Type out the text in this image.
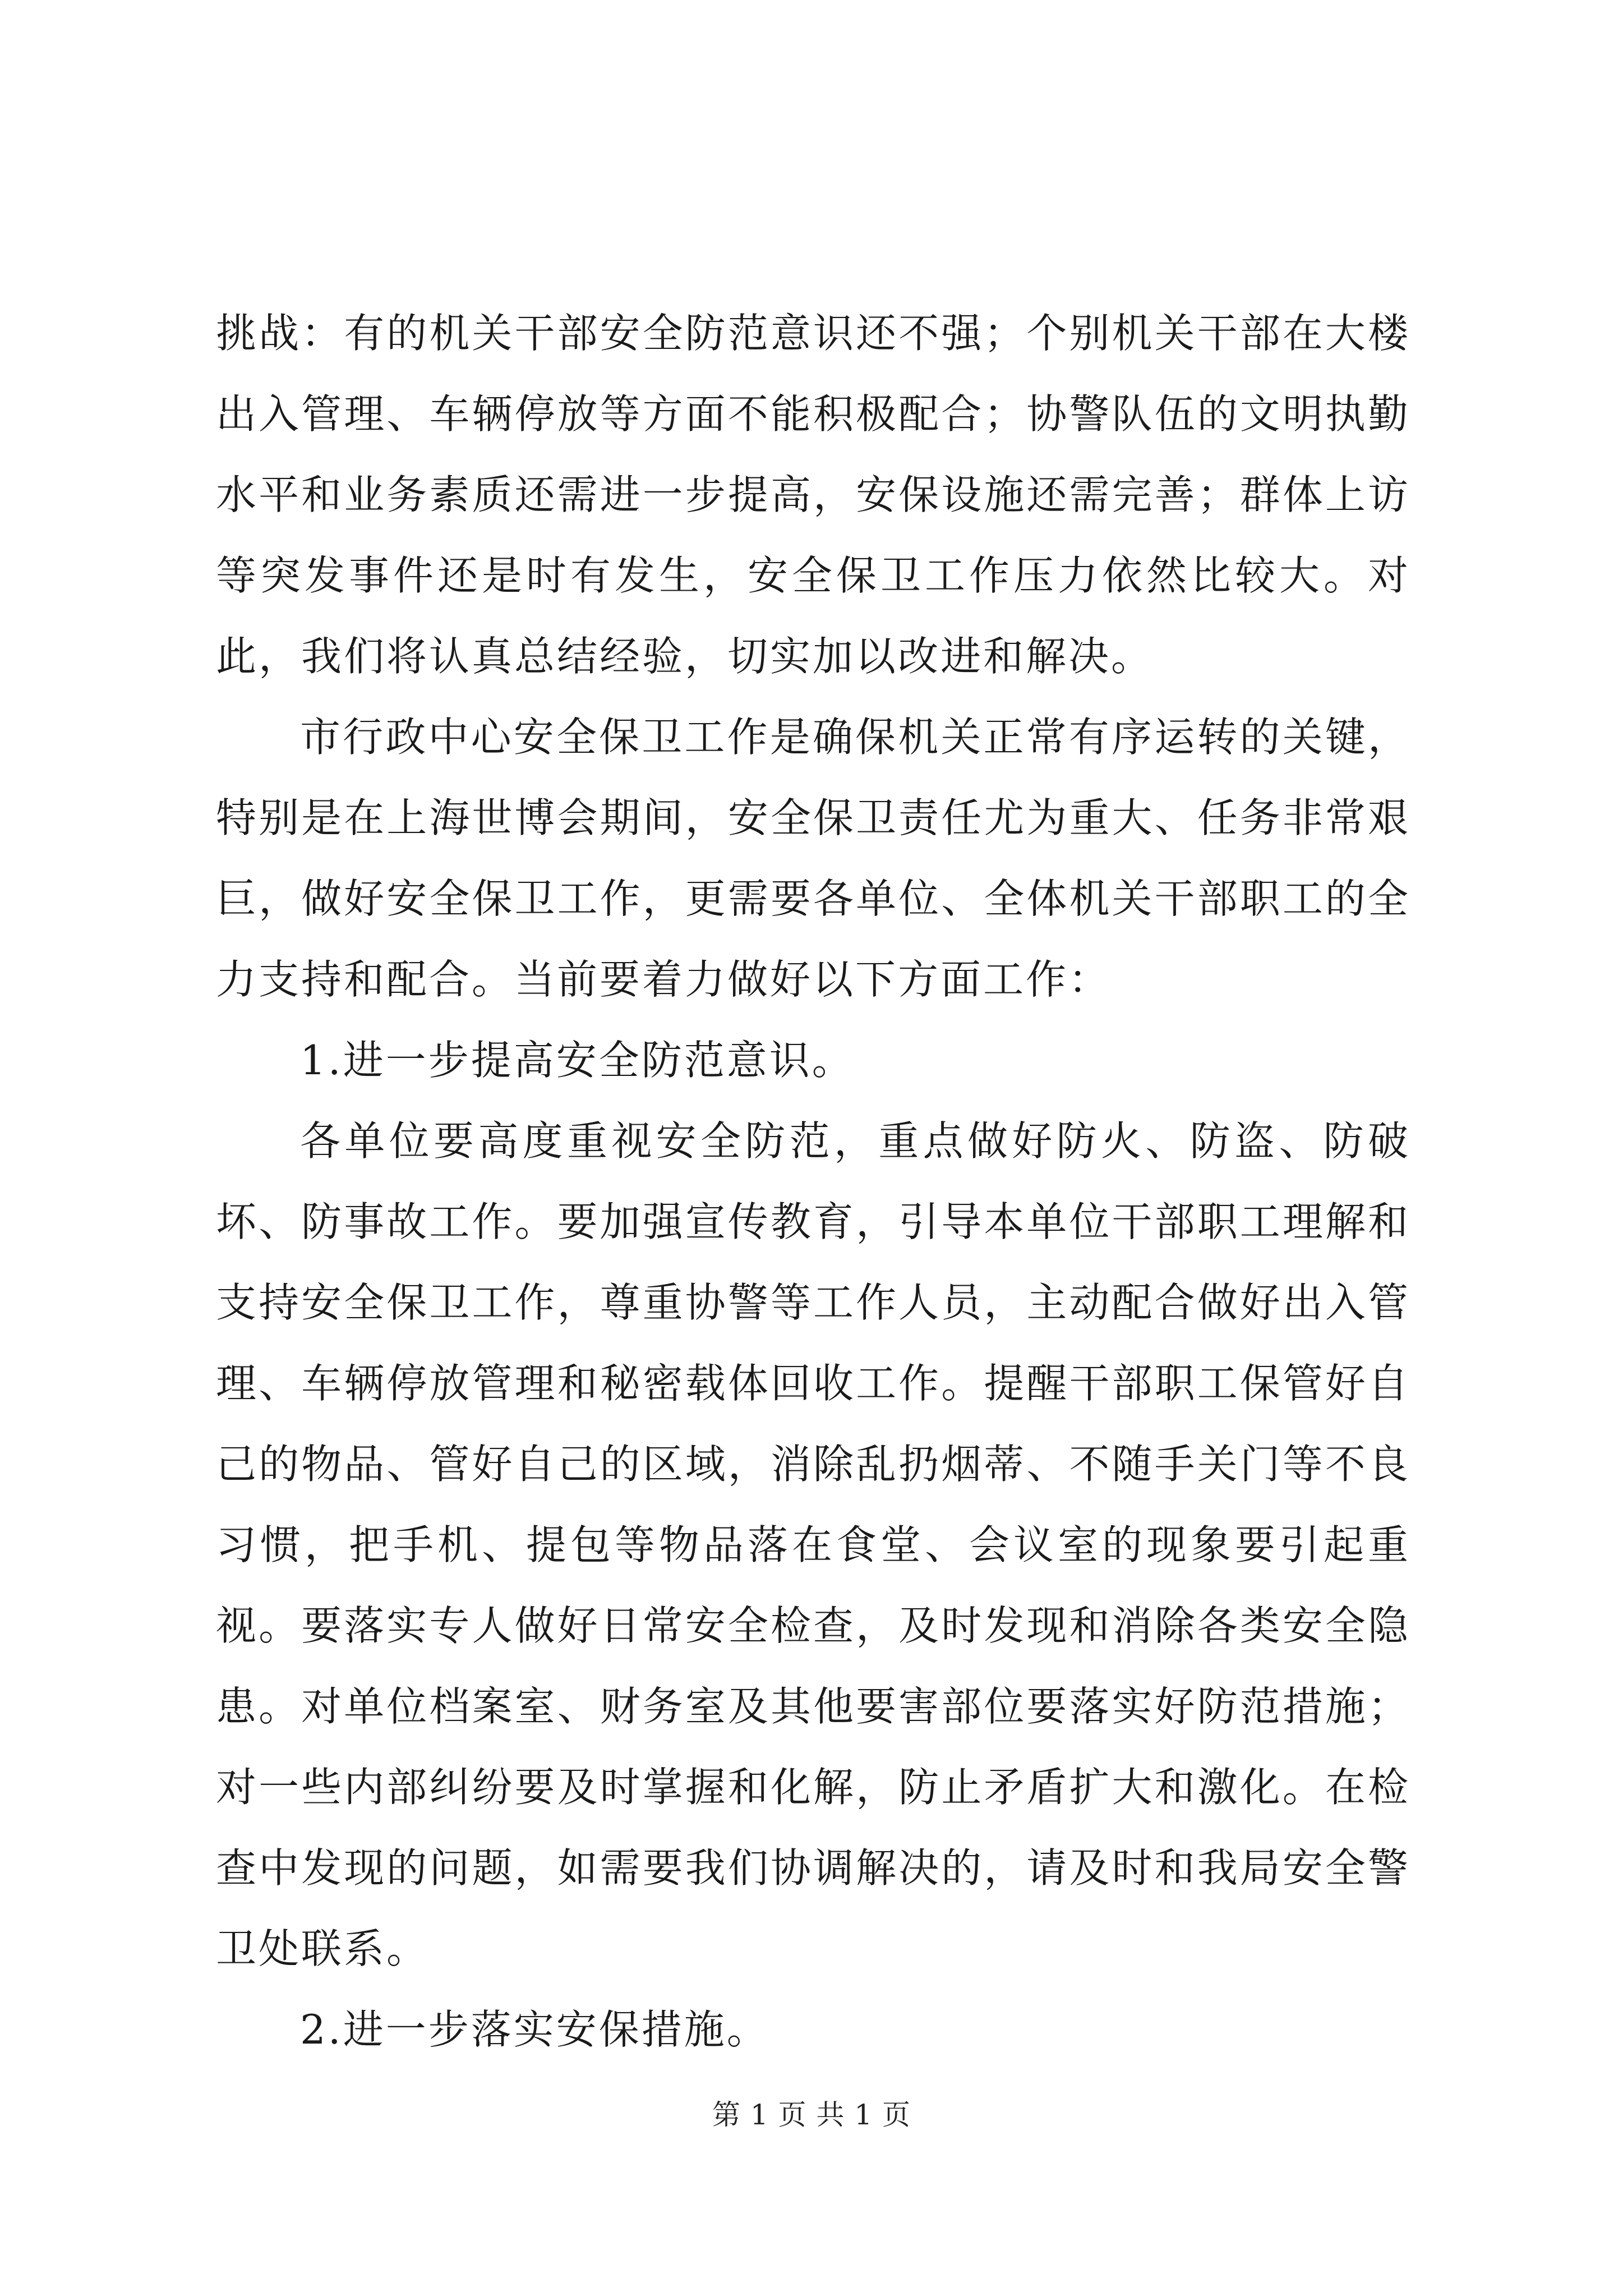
挑战：有的机关干部安全防范意识还不强；个别机关干部在大楼出入管理、车辆停放等方面不能积极配合；协警队伍的文明执勤水平和业务素质还需进一步提高，安保设施还需完善；群体上访等突发事件还是时有发生，安全保卫工作压力依然比较大。对此，我们将认真总结经验，切实加以改进和解决。

市行政中心安全保卫工作是确保机关正常有序运转的关键，特别是在上海世博会期间，安全保卫责任尤为重大、任务非常艰巨，做好安全保卫工作，更需要各单位、全体机关干部职工的全力支持和配合。当前要着力做好以下方面工作：

1.进一步提高安全防范意识。

各单位要高度重视安全防范，重点做好防火、防盗、防破坏、防事故工作。要加强宣传教育，引导本单位干部职工理解和支持安全保卫工作，尊重协警等工作人员，主动配合做好出入管理、车辆停放管理和秘密载体回收工作。提醒干部职工保管好自己的物品、管好自己的区域，消除乱扔烟蒂、不随手关门等不良习惯，把手机、提包等物品落在食堂、会议室的现象要引起重视。要落实专人做好日常安全检查，及时发现和消除各类安全隐患。对单位档案室、财务室及其他要害部位要落实好防范措施；对一些内部纠纷要及时掌握和化解，防止矛盾扩大和激化。在检查中发现的问题，如需要我们协调解决的，请及时和我局安全警卫处联系。

2.进一步落实安保措施。

第 1 页 共 1 页
